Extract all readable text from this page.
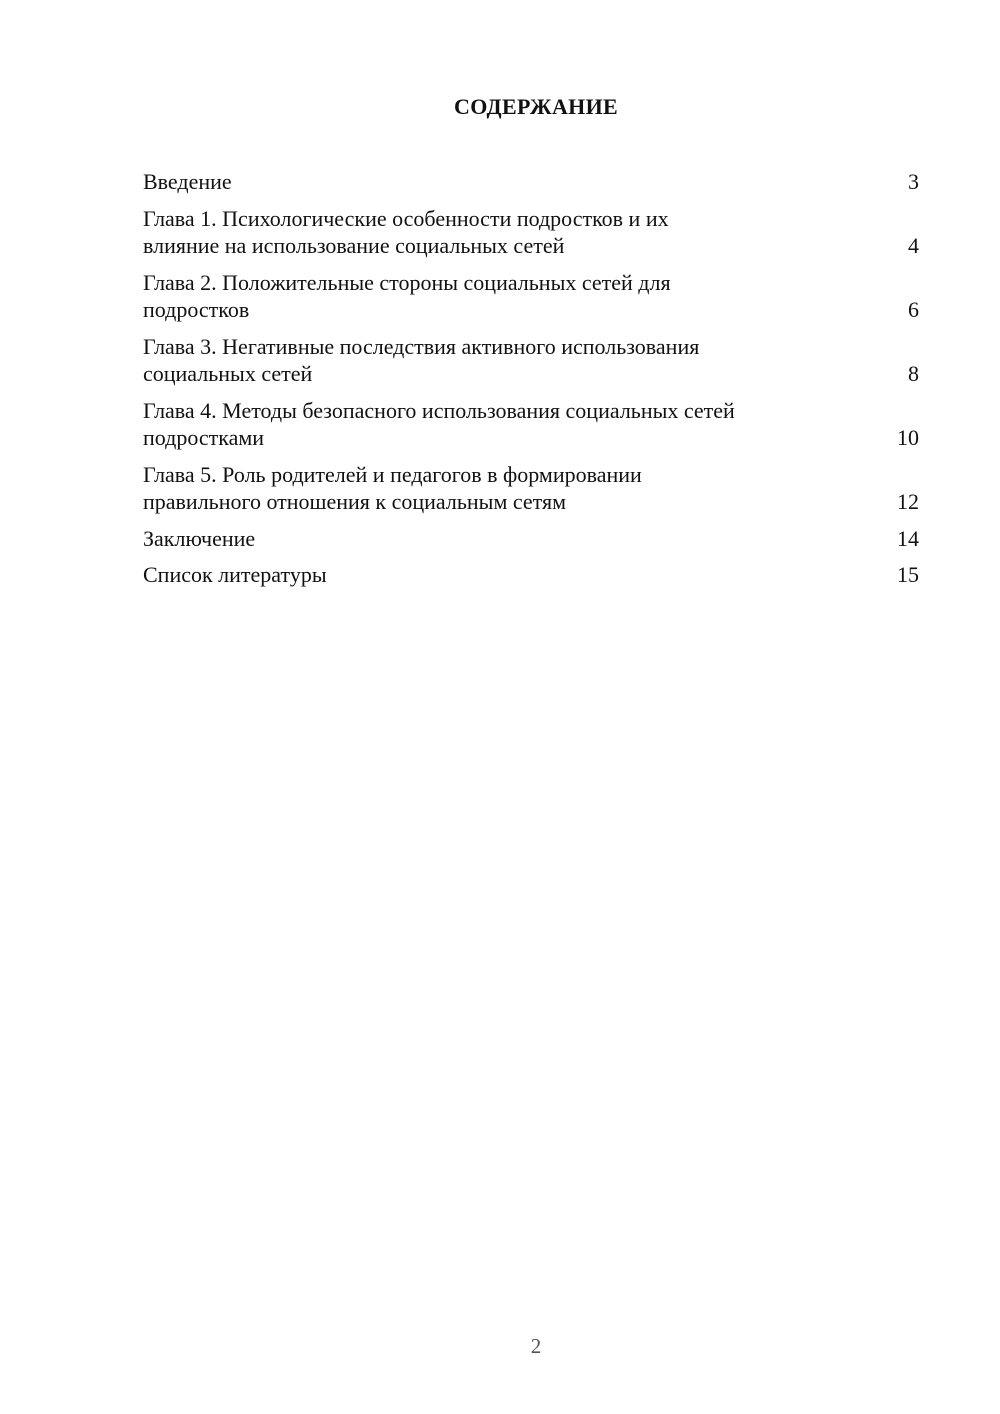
СОДЕРЖАНИЕ
Введение	3
Глава 1. Психологические особенности подростков и их
влияние на использование социальных сетей	4
Глава 2. Положительные стороны социальных сетей для
подростков	6
Глава 3. Негативные последствия активного использования
социальных сетей	8
Глава 4. Методы безопасного использования социальных сетей
подростками	10
Глава 5. Роль родителей и педагогов в формировании
правильного отношения к социальным сетям	12
Заключение	14
Список литературы	15
2
